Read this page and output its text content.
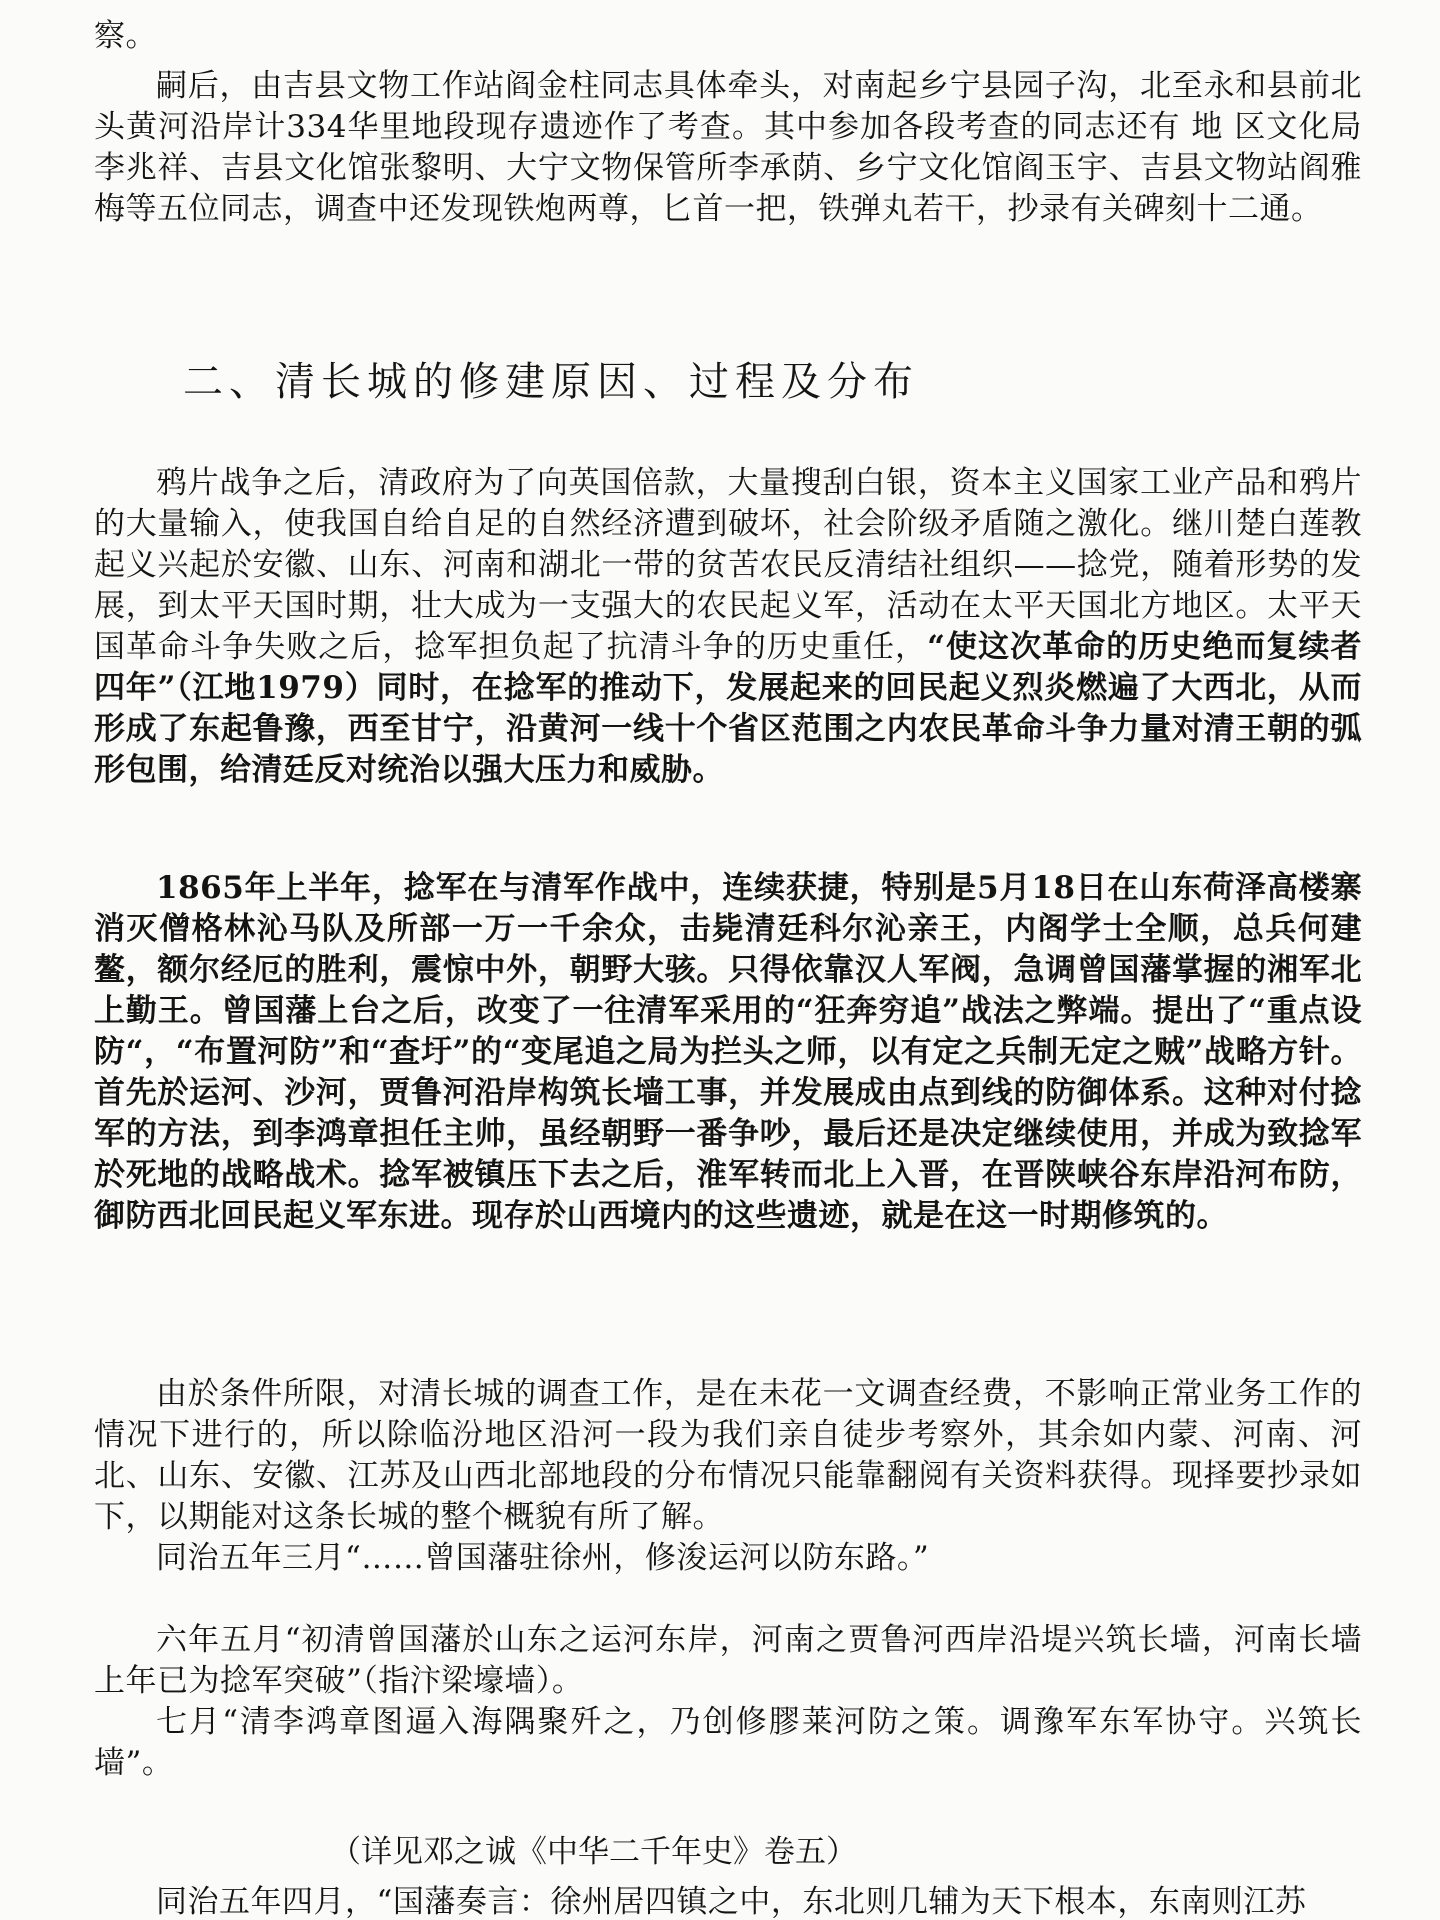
察。

嗣后，由吉县文物工作站阎金柱同志具体牵头，对南起乡宁县园子沟，北至永和县前北头黄河沿岸计334华里地段现存遗迹作了考查。其中参加各段考查的同志还有 地 区文化局李兆祥、吉县文化馆张黎明、大宁文物保管所李承荫、乡宁文化馆阎玉宇、吉县文物站阎雅梅等五位同志，调查中还发现铁炮两尊，匕首一把，铁弹丸若干，抄录有关碑刻十二通。

二、清长城的修建原因、过程及分布

鸦片战争之后，清政府为了向英国倍款，大量搜刮白银，资本主义国家工业产品和鸦片的大量输入，使我国自给自足的自然经济遭到破坏，社会阶级矛盾随之激化。继川楚白莲教起义兴起於安徽、山东、河南和湖北一带的贫苦农民反清结社组织——捻党，随着形势的发展，到太平天国时期，壮大成为一支强大的农民起义军，活动在太平天国北方地区。太平天国革命斗争失败之后，捻军担负起了抗清斗争的历史重任，“使这次革命的历史绝而复续者四年”（江地1979）同时，在捻军的推动下，发展起来的回民起义烈炎燃遍了大西北，从而形成了东起鲁豫，西至甘宁，沿黄河一线十个省区范围之内农民革命斗争力量对清王朝的弧形包围，给清廷反对统治以强大压力和威胁。

1865年上半年，捻军在与清军作战中，连续获捷，特别是5月18日在山东荷泽高楼寨消灭僧格林沁马队及所部一万一千余众，击毙清廷科尔沁亲王，内阁学士全顺，总兵何建鳌，额尔经厄的胜利，震惊中外，朝野大骇。只得依靠汉人军阀，急调曾国藩掌握的湘军北上勤王。曾国藩上台之后，改变了一往清军采用的“狂奔穷追”战法之弊端。提出了“重点设防“，“布置河防”和“查圩”的“变尾追之局为拦头之师，以有定之兵制无定之贼”战略方针。首先於运河、沙河，贾鲁河沿岸构筑长墙工事，并发展成由点到线的防御体系。这种对付捻军的方法，到李鸿章担任主帅，虽经朝野一番争吵，最后还是决定继续使用，并成为致捻军於死地的战略战术。捻军被镇压下去之后，淮军转而北上入晋，在晋陕峡谷东岸沿河布防，御防西北回民起义军东进。现存於山西境内的这些遗迹，就是在这一时期修筑的。

由於条件所限，对清长城的调查工作，是在未花一文调查经费，不影响正常业务工作的情况下进行的，所以除临汾地区沿河一段为我们亲自徒步考察外，其余如内蒙、河南、河北、山东、安徽、江苏及山西北部地段的分布情况只能靠翻阅有关资料获得。现择要抄录如下，以期能对这条长城的整个概貌有所了解。

同治五年三月“……曾国藩驻徐州，修浚运河以防东路。”

六年五月“初清曾国藩於山东之运河东岸，河南之贾鲁河西岸沿堤兴筑长墙，河南长墙上年已为捻军突破”（指汴梁壕墙）。

七月“清李鸿章图逼入海隅聚歼之，乃创修膠莱河防之策。调豫军东军协守。兴筑长墙”。

（详见邓之诚《中华二千年史》卷五）

同治五年四月，“国藩奏言：徐州居四镇之中，东北则几辅为天下根本，东南则江苏
